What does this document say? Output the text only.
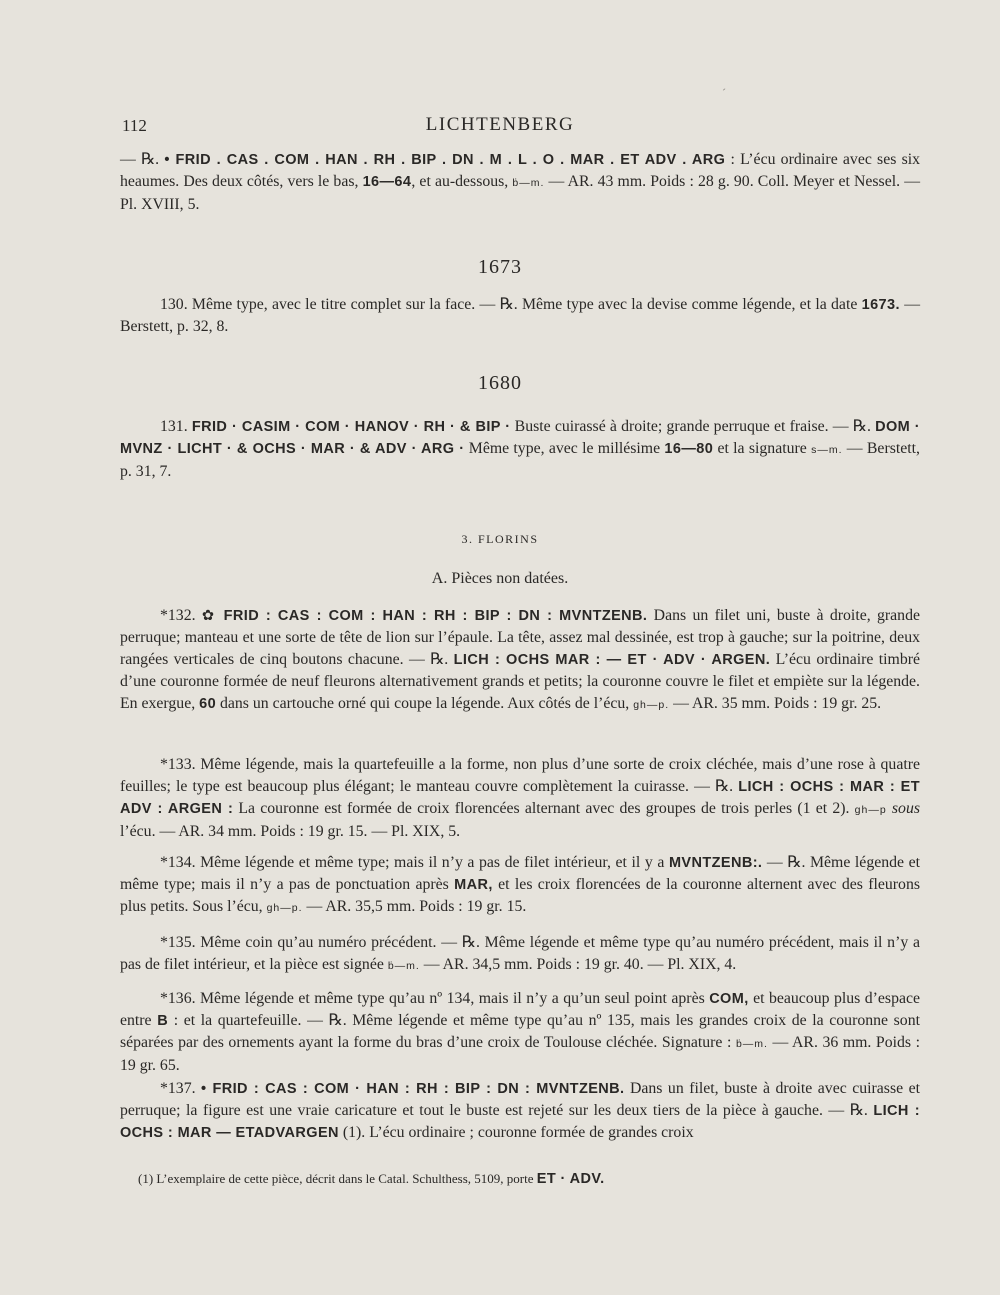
´
112	LICHTENBERG

— ℞. • FRID . CAS . COM . HAN . RH . BIP . DN . M . L . O . MAR . ET ADV . ARG : L’écu ordinaire avec ses six heaumes. Des deux côtés, vers le bas, 16—64, et au-dessous, ḃ—m. — AR. 43 mm. Poids : 28 g. 90. Coll. Meyer et Nessel. — Pl. XVIII, 5.

1673

130. Même type, avec le titre complet sur la face. — ℞. Même type avec la devise comme légende, et la date 1673. — Berstett, p. 32, 8.

1680

131. FRID · CASIM · COM · HANOV · RH · & BIP · Buste cuirassé à droite; grande perruque et fraise. — ℞. DOM · MVNZ · LICHT · & OCHS · MAR · & ADV · ARG · Même type, avec le millésime 16—80 et la signature s—m. — Berstett, p. 31, 7.

3. FLORINS
A. Pièces non datées.

*132. ✿ FRID : CAS : COM : HAN : RH : BIP : DN : MVNTZENB. Dans un filet uni, buste à droite, grande perruque; manteau et une sorte de tête de lion sur l’épaule. La tête, assez mal dessinée, est trop à gauche; sur la poitrine, deux rangées verticales de cinq boutons chacune. — ℞. LICH : OCHS MAR : — ET · ADV · ARGEN. L’écu ordinaire timbré d’une couronne formée de neuf fleurons alternativement grands et petits; la couronne couvre le filet et empiète sur la légende. En exergue, 60 dans un cartouche orné qui coupe la légende. Aux côtés de l’écu, gh—p. — AR. 35 mm. Poids : 19 gr. 25.

*133. Même légende, mais la quartefeuille a la forme, non plus d’une sorte de croix cléchée, mais d’une rose à quatre feuilles; le type est beaucoup plus élégant; le manteau couvre complètement la cuirasse. — ℞. LICH : OCHS : MAR : ET ADV : ARGEN : La couronne est formée de croix florencées alternant avec des groupes de trois perles (1 et 2). gh—p sous l’écu. — AR. 34 mm. Poids : 19 gr. 15. — Pl. XIX, 5.

*134. Même légende et même type; mais il n’y a pas de filet intérieur, et il y a MVNTZENB:. — ℞. Même légende et même type; mais il n’y a pas de ponctuation après MAR, et les croix florencées de la couronne alternent avec des fleurons plus petits. Sous l’écu, gh—p. — AR. 35,5 mm. Poids : 19 gr. 15.

*135. Même coin qu’au numéro précédent. — ℞. Même légende et même type qu’au numéro précédent, mais il n’y a pas de filet intérieur, et la pièce est signée ḃ—m. — AR. 34,5 mm. Poids : 19 gr. 40. — Pl. XIX, 4.

*136. Même légende et même type qu’au nº 134, mais il n’y a qu’un seul point après COM, et beaucoup plus d’espace entre B : et la quartefeuille. — ℞. Même légende et même type qu’au nº 135, mais les grandes croix de la couronne sont séparées par des ornements ayant la forme du bras d’une croix de Toulouse cléchée. Signature : ḃ—m. — AR. 36 mm. Poids : 19 gr. 65.

*137. • FRID : CAS : COM · HAN : RH : BIP : DN : MVNTZENB. Dans un filet, buste à droite avec cuirasse et perruque; la figure est une vraie caricature et tout le buste est rejeté sur les deux tiers de la pièce à gauche. — ℞. LICH : OCHS : MAR — ETADVARGEN (1). L’écu ordinaire ; couronne formée de grandes croix

(1) L’exemplaire de cette pièce, décrit dans le Catal. Schulthess, 5109, porte ET · ADV.
